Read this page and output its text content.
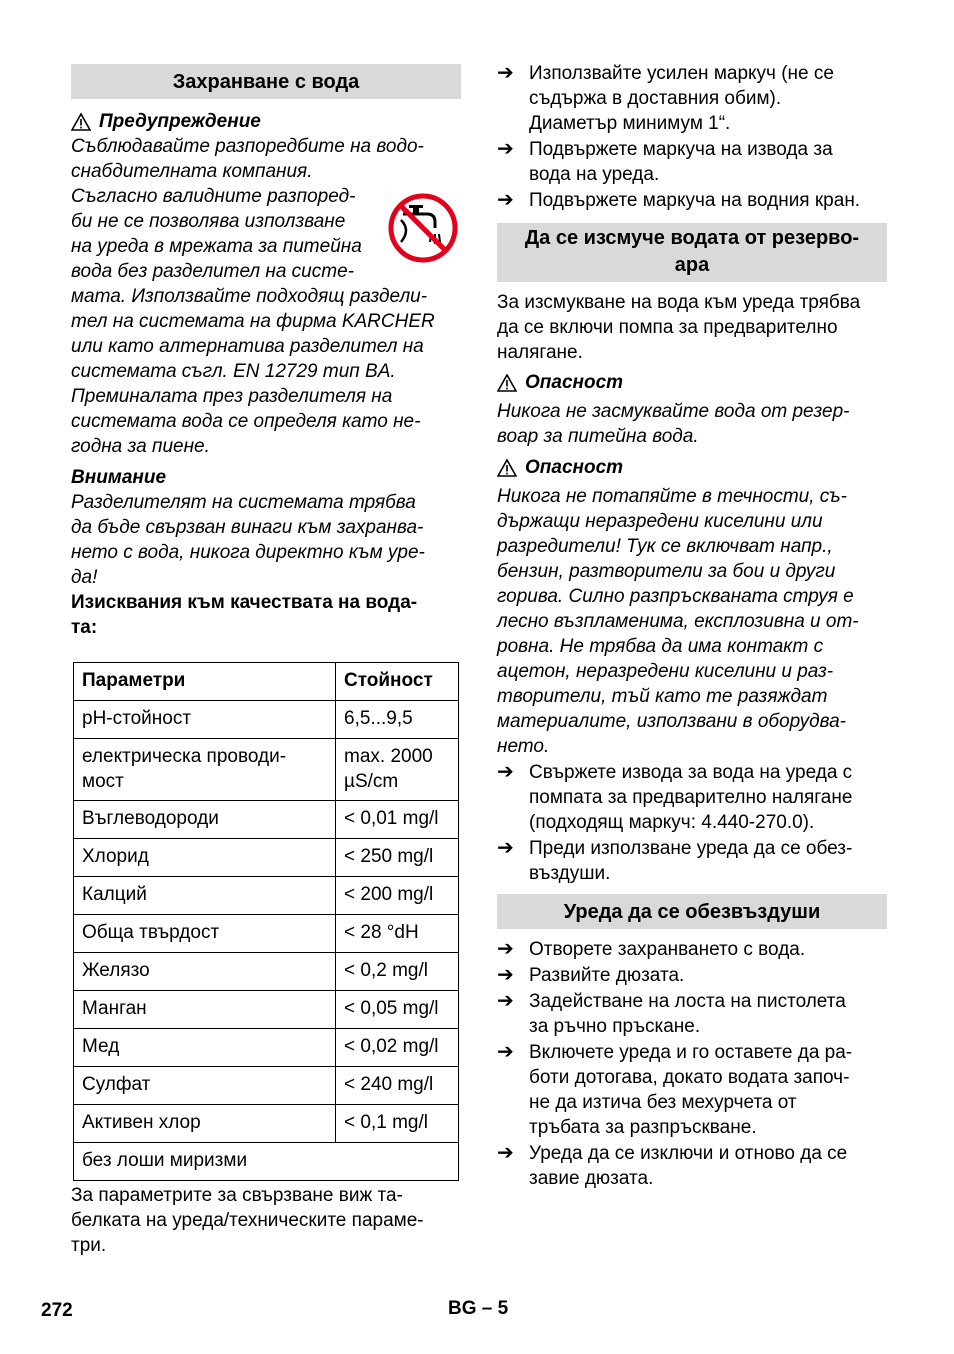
Захранване с вода
Предупреждение

Съблюдавайте разпоредбите на водо-

снабдителната компания.

Съгласно валидните разпоред-

би не се позволява използване

на уреда в мрежата за питейна

вода без разделител на систе-

мата. Използвайте подходящ раздели-

тел на системата на фирма KARCHER

или като алтернатива разделител на

системата съгл. EN 12729 тип BA.

Преминалата през разделителя на

системата вода се определя като не-

годна за пиене.

Внимание

Разделителят на системата трябва

да бъде свързван винаги към захранва-

нето с вода, никога директно към уре-

да!

Изисквания към качествата на вода-

та:

Параметри	Стойност
pH-стойност	6,5...9,5
електрическа проводи-
мост	max. 2000
µS/cm
Въглеводороди	< 0,01 mg/l
Хлорид	< 250 mg/l
Калций	< 200 mg/l
Обща твърдост	< 28 °dH
Желязо	< 0,2 mg/l
Манган	< 0,05 mg/l
Мед	< 0,02 mg/l
Сулфат	< 240 mg/l
Активен хлор	< 0,1 mg/l
без лоши миризми	

За параметрите за свързване виж та-

белката на уреда/техническите параме-

три.

➔ Използвайте усилен маркуч (не се
съдържа в доставния обим).
Диаметър минимум 1“.
➔ Подвържете маркуча на извода за
вода на уреда.
➔ Подвържете маркуча на водния кран.
Да се изсмуче водата от резерво-
ара

За изсмукване на вода към уреда трябва

да се включи помпа за предварително

налягане.

Опасност

Никога не засмуквайте вода от резер-

воар за питейна вода.

Опасност

Никога не потапяйте в течности, съ-

държащи неразредени киселини или

разредители! Тук се включват напр.,

бензин, разтворители за бои и други

горива. Силно разпръскваната струя е

лесно възпламенима, експлозивна и от-

ровна. Не трябва да има контакт с

ацетон, неразредени киселини и раз-

творители, тъй като те разяждат

материалите, използвани в оборудва-

нето.

➔ Свържете извода за вода на уреда с
помпата за предварително налягане
(подходящ маркуч: 4.440-270.0).
➔ Преди използване уреда да се обез-
въздуши.
Уреда да се обезвъздуши
➔ Отворете захранването с вода.
➔ Развийте дюзата.
➔ Задействане на лоста на пистолета
за ръчно пръскане.
➔ Включете уреда и го оставете да ра-
боти дотогава, докато водата започ-
не да изтича без мехурчета от
тръбата за разпръскване.
➔ Уреда да се изключи и отново да се
завие дюзата.
272	BG – 5
